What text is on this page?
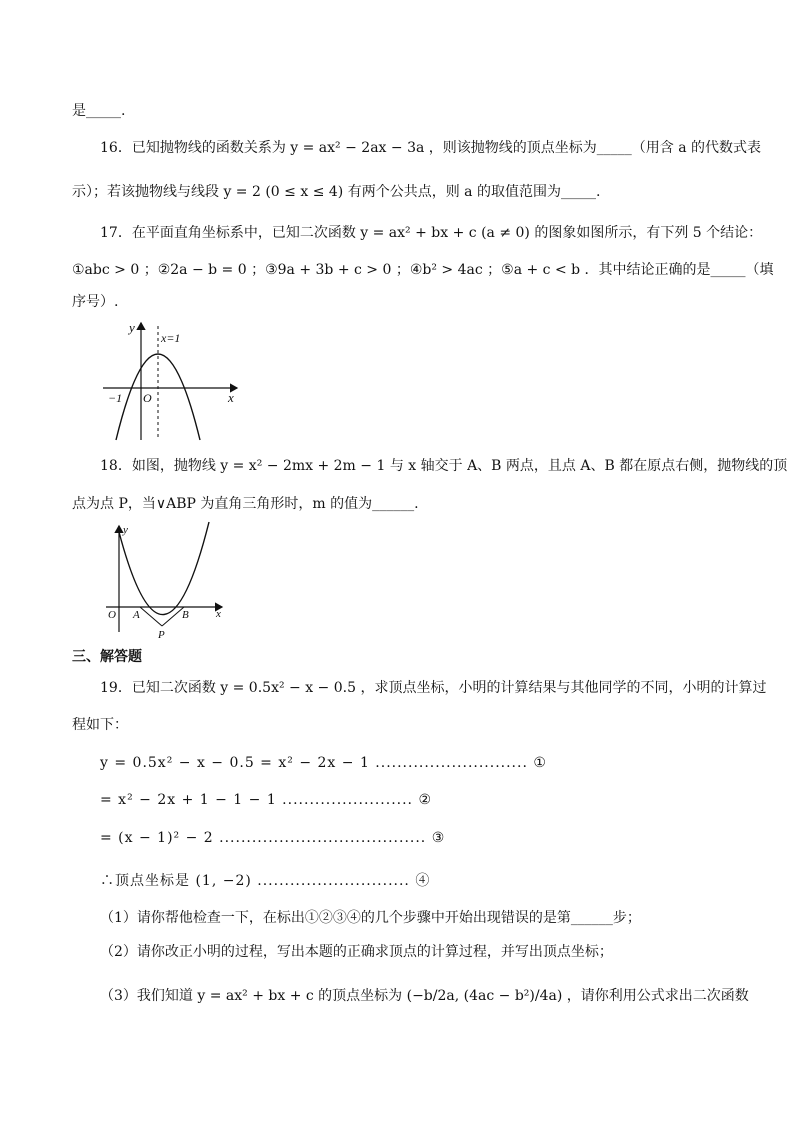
是_____.
16．已知抛物线的函数关系为 y = ax² − 2ax − 3a ，则该抛物线的顶点坐标为_____（用含 a 的代数式表
示）；若该抛物线与线段 y = 2 (0 ≤ x ≤ 4) 有两个公共点，则 a 的取值范围为_____.
17．在平面直角坐标系中，已知二次函数 y = ax² + bx + c (a ≠ 0) 的图象如图所示，有下列 5 个结论：
①abc > 0 ；②2a − b = 0 ；③9a + 3b + c > 0 ；④b² > 4ac ；⑤a + c < b ．其中结论正确的是_____（填
序号）.
y
x=1
x
−1 O
18．如图，抛物线 y = x² − 2mx + 2m − 1 与 x 轴交于 A、B 两点，且点 A、B 都在原点右侧，抛物线的顶
点为点 P，当∨ABP 为直角三角形时，m 的值为______.
y
x
O A	B
P
三、解答题
19．已知二次函数 y = 0.5x² − x − 0.5 ，求顶点坐标，小明的计算结果与其他同学的不同，小明的计算过
程如下：
y = 0.5x² − x − 0.5 = x² − 2x − 1 ............................ ①
= x² − 2x + 1 − 1 − 1 ........................ ②
= (x − 1)² − 2 ...................................... ③
∴顶点坐标是 (1, −2) ............................ ④
（1）请你帮他检查一下，在标出①②③④的几个步骤中开始出现错误的是第______步；
（2）请你改正小明的过程，写出本题的正确求顶点的计算过程，并写出顶点坐标；
（3）我们知道 y = ax² + bx + c 的顶点坐标为 (−b/2a, (4ac − b²)/4a) ，请你利用公式求出二次函数
